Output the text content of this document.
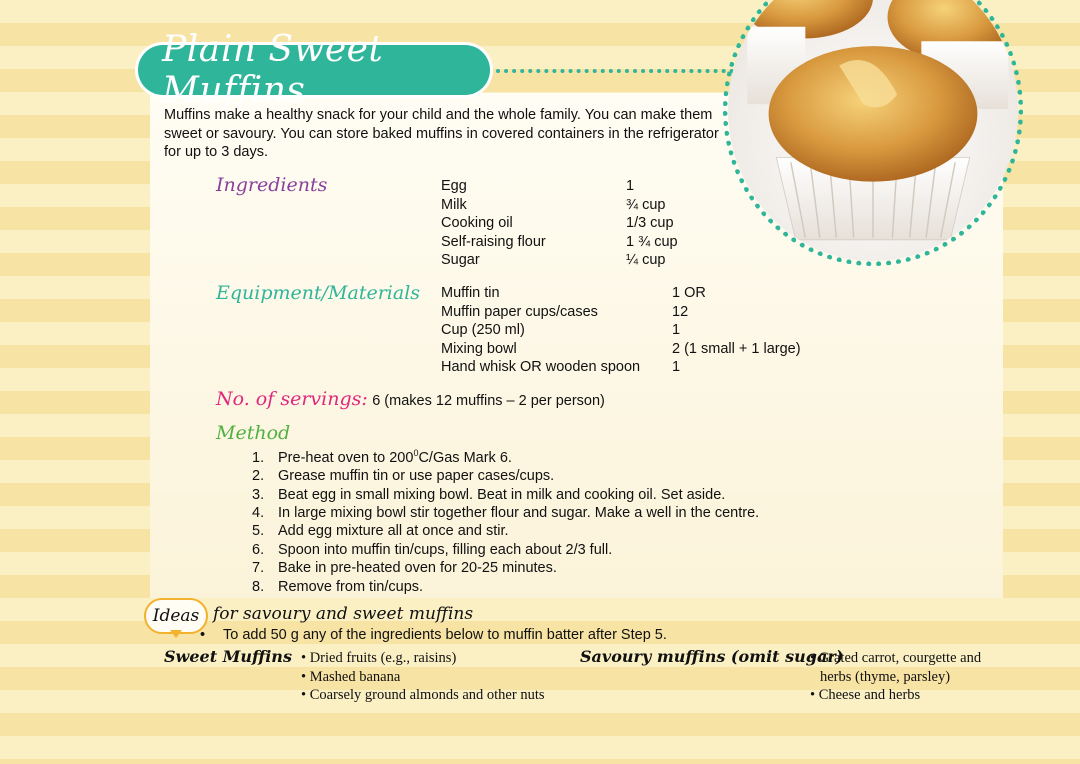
Plain Sweet Muffins
Muffins make a healthy snack for your child and the whole family. You can make them sweet or savoury. You can store baked muffins in covered containers in the refrigerator for up to 3 days.
Ingredients	Egg	1
Milk	¾ cup
Cooking oil	1/3 cup
Self-raising flour	1 ¾ cup
Sugar	¼ cup
Equipment/Materials Muffin tin	1 OR
Muffin paper cups/cases	12
Cup (250 ml)	1
Mixing bowl	2 (1 small + 1 large)
Hand whisk OR wooden spoon 1
No. of servings: 6 (makes 12 muffins – 2 per person)
Method
1. Pre-heat oven to $200^0C$/Gas Mark 6.
2. Grease muffin tin or use paper cases/cups.
3. Beat egg in small mixing bowl. Beat in milk and cooking oil. Set aside.
4. In large mixing bowl stir together flour and sugar. Make a well in the centre.
5. Add egg mixture all at once and stir.
6. Spoon into muffin tin/cups, filling each about 2/3 full.
7. Bake in pre-heated oven for 20-25 minutes.
8. Remove from tin/cups.
Ideas for savoury and sweet muffins
• To add 50 g any of the ingredients below to muffin batter after Step 5.
Sweet Muffins • Dried fruits (e.g., raisins)
• Mashed banana
• Coarsely ground almonds and other nuts
Savoury muffins (omit sugar)
• Grated carrot, courgette and
herbs (thyme, parsley)
• Cheese and herbs
